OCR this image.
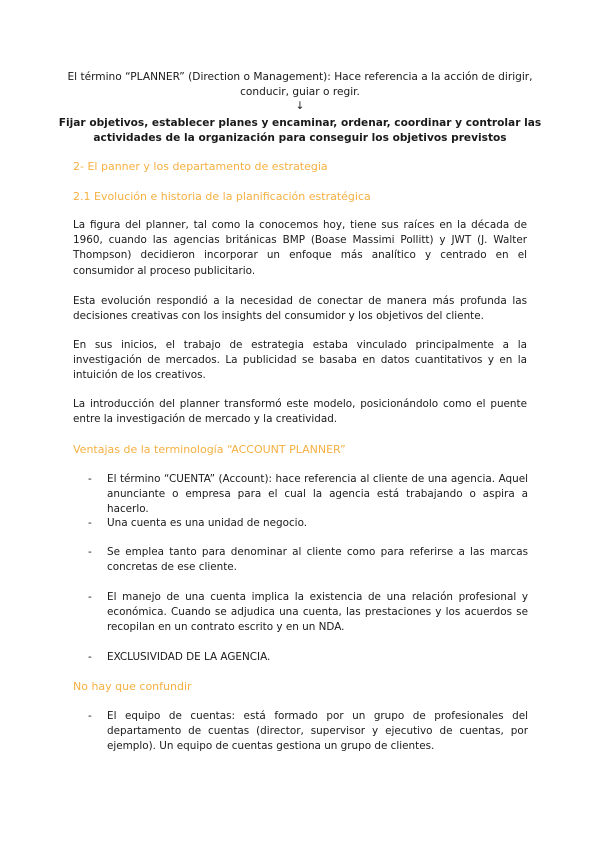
El término “PLANNER” (Direction o Management): Hace referencia a la acción de dirigir,
conducir, guiar o regir.
↓
Fijar objetivos, establecer planes y encaminar, ordenar, coordinar y controlar las
actividades de la organización para conseguir los objetivos previstos
2- El panner y los departamento de estrategia
2.1 Evolución e historia de la planificación estratégica
La figura del planner, tal como la conocemos hoy, tiene sus raíces en la década de 1960, cuando las agencias británicas BMP (Boase Massimi Pollitt) y JWT (J. Walter Thompson) decidieron incorporar un enfoque más analítico y centrado en el consumidor al proceso publicitario.
Esta evolución respondió a la necesidad de conectar de manera más profunda las decisiones creativas con los insights del consumidor y los objetivos del cliente.
En sus inicios, el trabajo de estrategia estaba vinculado principalmente a la investigación de mercados. La publicidad se basaba en datos cuantitativos y en la intuición de los creativos.
La introducción del planner transformó este modelo, posicionándolo como el puente entre la investigación de mercado y la creatividad.
Ventajas de la terminología “ACCOUNT PLANNER”
- El término “CUENTA” (Account): hace referencia al cliente de una agencia. Aquel anunciante o empresa para el cual la agencia está trabajando o aspira a hacerlo.
- Una cuenta es una unidad de negocio.
- Se emplea tanto para denominar al cliente como para referirse a las marcas concretas de ese cliente.
- El manejo de una cuenta implica la existencia de una relación profesional y económica. Cuando se adjudica una cuenta, las prestaciones y los acuerdos se recopilan en un contrato escrito y en un NDA.
- EXCLUSIVIDAD DE LA AGENCIA.
No hay que confundir
- El equipo de cuentas: está formado por un grupo de profesionales del departamento de cuentas (director, supervisor y ejecutivo de cuentas, por ejemplo). Un equipo de cuentas gestiona un grupo de clientes.
